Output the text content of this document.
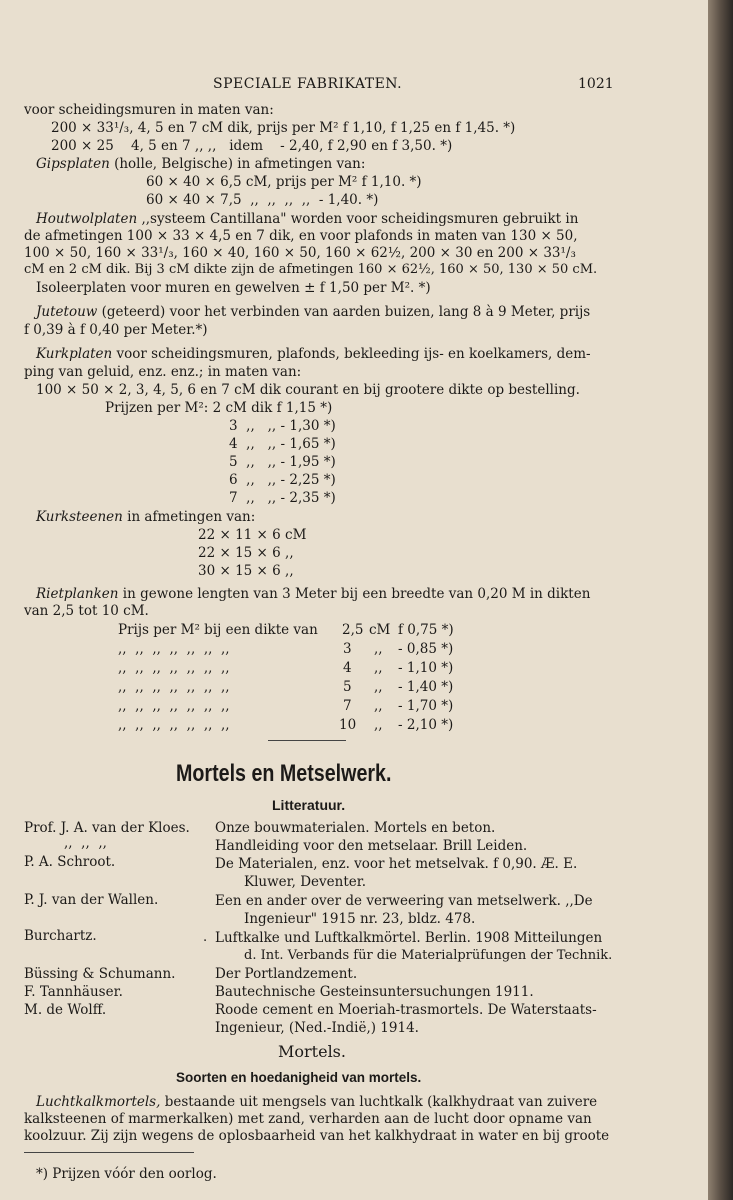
SPECIALE FABRIKATEN.	1021
voor scheidingsmuren in maten van:
200 × 33¹/₃, 4, 5 en 7 cM dik, prijs per M² f 1,10, f 1,25 en f 1,45. *)
200 × 25    4, 5 en 7 ,, ,,   idem    - 2,40, f 2,90 en f 3,50. *)
Gipsplaten (holle, Belgische) in afmetingen van:
60 × 40 × 6,5 cM, prijs per M² f 1,10. *)
60 × 40 × 7,5  ,,  ,,  ,,  ,,  - 1,40. *)
Houtwolplaten ,,systeem Cantillana" worden voor scheidingsmuren gebruikt in
de afmetingen 100 × 33 × 4,5 en 7 dik, en voor plafonds in maten van 130 × 50,
100 × 50, 160 × 33¹/₃, 160 × 40, 160 × 50, 160 × 62½, 200 × 30 en 200 × 33¹/₃
cM en 2 cM dik. Bij 3 cM dikte zijn de afmetingen 160 × 62½, 160 × 50, 130 × 50 cM.
Isoleerplaten voor muren en gewelven ± f 1,50 per M². *)
Jutetouw (geteerd) voor het verbinden van aarden buizen, lang 8 à 9 Meter, prijs
f 0,39 à f 0,40 per Meter.*)
Kurkplaten voor scheidingsmuren, plafonds, bekleeding ijs- en koelkamers, dem-
ping van geluid, enz. enz.; in maten van:
100 × 50 × 2, 3, 4, 5, 6 en 7 cM dik courant en bij grootere dikte op bestelling.
Prijzen per M²: 2 cM dik f 1,15 *)
3  ,,   ,, - 1,30 *)
4  ,,   ,, - 1,65 *)
5  ,,   ,, - 1,95 *)
6  ,,   ,, - 2,25 *)
7  ,,   ,, - 2,35 *)
Kurksteenen in afmetingen van:
22 × 11 × 6 cM
22 × 15 × 6 ,,
30 × 15 × 6 ,,
Rietplanken in gewone lengten van 3 Meter bij een breedte van 0,20 M in dikten
van 2,5 tot 10 cM.
Prijs per M² bij een dikte van 2,5 cM f 0,75 *)
,,  ,,  ,,  ,,  ,,  ,,  ,,	3 ,, - 0,85 *)
,,  ,,  ,,  ,,  ,,  ,,  ,,	4 ,, - 1,10 *)
,,  ,,  ,,  ,,  ,,  ,,  ,,	5 ,, - 1,40 *)
,,  ,,  ,,  ,,  ,,  ,,  ,,	7 ,, - 1,70 *)
,,  ,,  ,,  ,,  ,,  ,,  ,,	10 ,, - 2,10 *)
Mortels en Metselwerk.
Litteratuur.
Prof. J. A. van der Kloes. Onze bouwmaterialen. Mortels en beton.
,,  ,,  ,,	Handleiding voor den metselaar. Brill Leiden.
P. A. Schroot.	De Materialen, enz. voor het metselvak. f 0,90. Æ. E.
Kluwer, Deventer.
P. J. van der Wallen.	Een en ander over de verweering van metselwerk. ,,De
Ingenieur" 1915 nr. 23, bldz. 478.
Burchartz.	. Luftkalke und Luftkalkmörtel. Berlin. 1908 Mitteilungen
d. Int. Verbands für die Materialprüfungen der Technik.
Büssing & Schumann.	Der Portlandzement.
F. Tannhäuser.	Bautechnische Gesteinsuntersuchungen 1911.
M. de Wolff.	Roode cement en Moeriah-trasmortels. De Waterstaats-
Ingenieur, (Ned.-Indië,) 1914.
Mortels.
Soorten en hoedanigheid van mortels.
Luchtkalkmortels, bestaande uit mengsels van luchtkalk (kalkhydraat van zuivere
kalksteenen of marmerkalken) met zand, verharden aan de lucht door opname van
koolzuur. Zij zijn wegens de oplosbaarheid van het kalkhydraat in water en bij groote
*) Prijzen vóór den oorlog.
